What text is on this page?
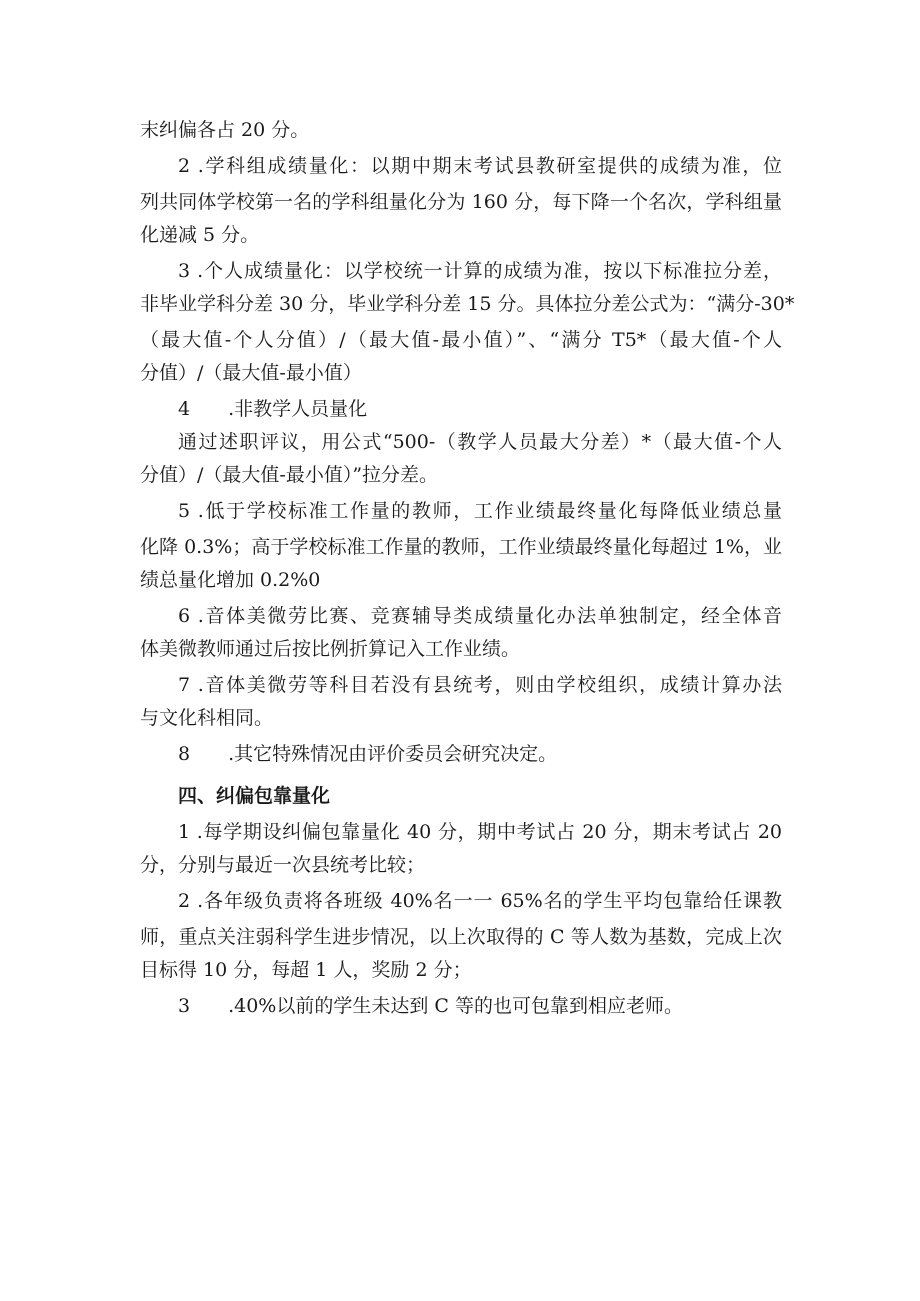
末纠偏各占 20 分。
2 .学科组成绩量化：以期中期末考试县教研室提供的成绩为准，位
列共同体学校第一名的学科组量化分为 160 分，每下降一个名次，学科组量
化递减 5 分。
3 .个人成绩量化：以学校统一计算的成绩为准，按以下标准拉分差，
非毕业学科分差 30 分，毕业学科分差 15 分。具体拉分差公式为：“满分-30*
（最大值-个人分值）/（最大值-最小值）”、“满分 T5*（最大值-个人
分值）/（最大值-最小值）
4　　.非教学人员量化
通过述职评议，用公式“500-（教学人员最大分差）*（最大值-个人
分值）/（最大值-最小值）”拉分差。
5 .低于学校标准工作量的教师，工作业绩最终量化每降低业绩总量
化降 0.3%；高于学校标准工作量的教师，工作业绩最终量化每超过 1%，业
绩总量化增加 0.2%0
6 .音体美微劳比赛、竞赛辅导类成绩量化办法单独制定，经全体音
体美微教师通过后按比例折算记入工作业绩。
7 .音体美微劳等科目若没有县统考，则由学校组织，成绩计算办法
与文化科相同。
8　　.其它特殊情况由评价委员会研究决定。
四、纠偏包靠量化
1 .每学期设纠偏包靠量化 40 分，期中考试占 20 分，期末考试占 20
分，分别与最近一次县统考比较；
2 .各年级负责将各班级 40%名一一 65%名的学生平均包靠给任课教
师，重点关注弱科学生进步情况，以上次取得的 C 等人数为基数，完成上次
目标得 10 分，每超 1 人，奖励 2 分；
3　　.40%以前的学生未达到 C 等的也可包靠到相应老师。
